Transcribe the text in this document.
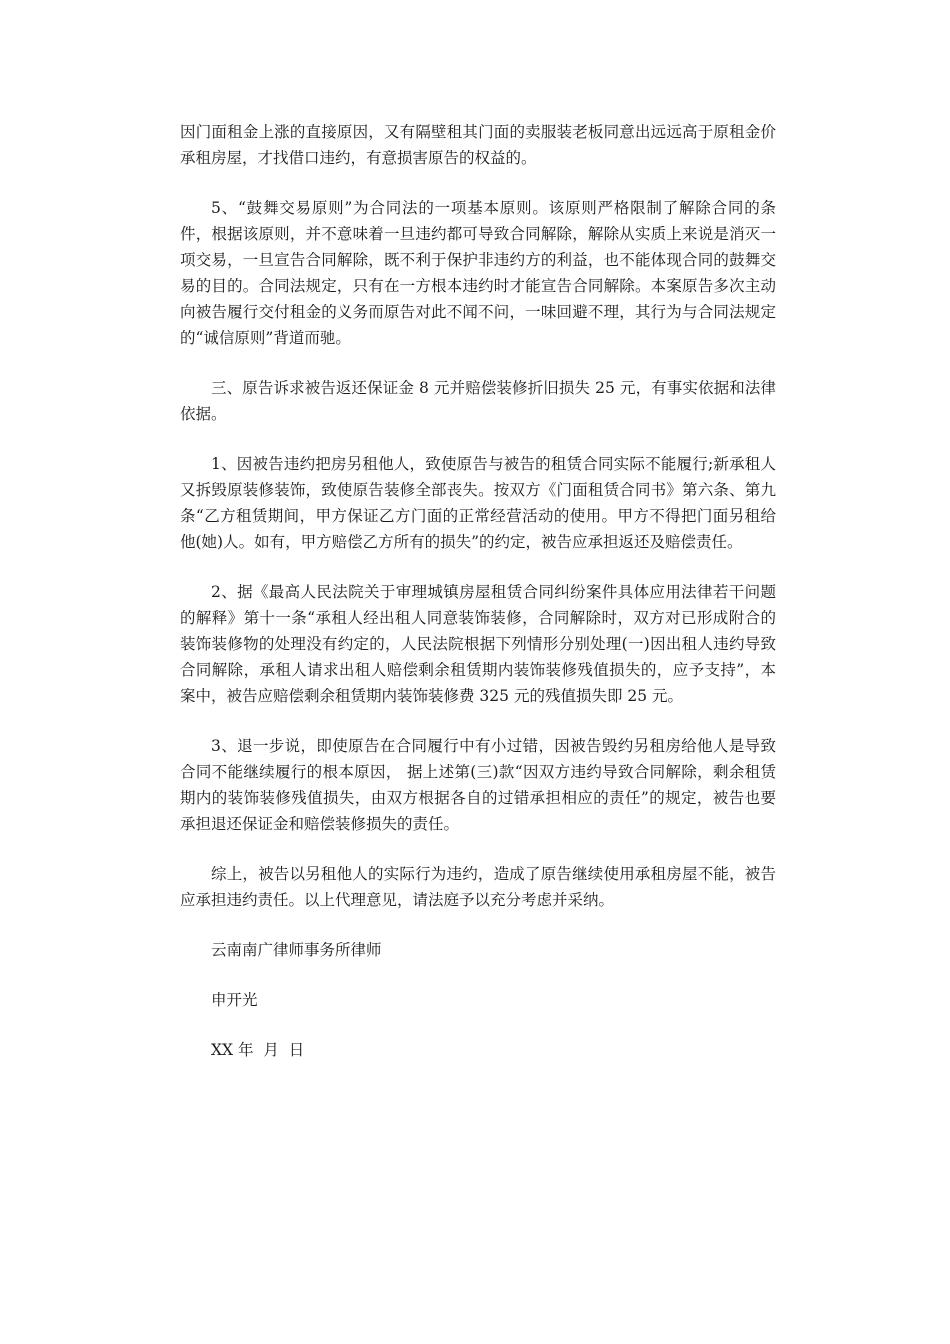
因门面租金上涨的直接原因，又有隔壁租其门面的卖服装老板同意出远远高于原租金价承租房屋，才找借口违约，有意损害原告的权益的。

5、“鼓舞交易原则”为合同法的一项基本原则。该原则严格限制了解除合同的条件，根据该原则，并不意味着一旦违约都可导致合同解除，解除从实质上来说是消灭一项交易，一旦宣告合同解除，既不利于保护非违约方的利益，也不能体现合同的鼓舞交易的目的。合同法规定，只有在一方根本违约时才能宣告合同解除。本案原告多次主动向被告履行交付租金的义务而原告对此不闻不问，一味回避不理，其行为与合同法规定的“诚信原则”背道而驰。

三、原告诉求被告返还保证金 8 元并赔偿装修折旧损失 25 元，有事实依据和法律依据。

1、因被告违约把房另租他人，致使原告与被告的租赁合同实际不能履行;新承租人又拆毁原装修装饰，致使原告装修全部丧失。按双方《门面租赁合同书》第六条、第九条“乙方租赁期间，甲方保证乙方门面的正常经营活动的使用。甲方不得把门面另租给他(她)人。如有，甲方赔偿乙方所有的损失”的约定，被告应承担返还及赔偿责任。

2、据《最高人民法院关于审理城镇房屋租赁合同纠纷案件具体应用法律若干问题的解释》第十一条“承租人经出租人同意装饰装修，合同解除时，双方对已形成附合的装饰装修物的处理没有约定的，人民法院根据下列情形分别处理(一)因出租人违约导致合同解除，承租人请求出租人赔偿剩余租赁期内装饰装修残值损失的，应予支持”，本案中，被告应赔偿剩余租赁期内装饰装修费 325 元的残值损失即 25 元。

3、退一步说，即使原告在合同履行中有小过错，因被告毁约另租房给他人是导致合同不能继续履行的根本原因， 据上述第(三)款“因双方违约导致合同解除，剩余租赁期内的装饰装修残值损失，由双方根据各自的过错承担相应的责任”的规定，被告也要承担退还保证金和赔偿装修损失的责任。

综上，被告以另租他人的实际行为违约，造成了原告继续使用承租房屋不能，被告应承担违约责任。以上代理意见，请法庭予以充分考虑并采纳。

云南南广律师事务所律师

申开光

XX 年  月  日
